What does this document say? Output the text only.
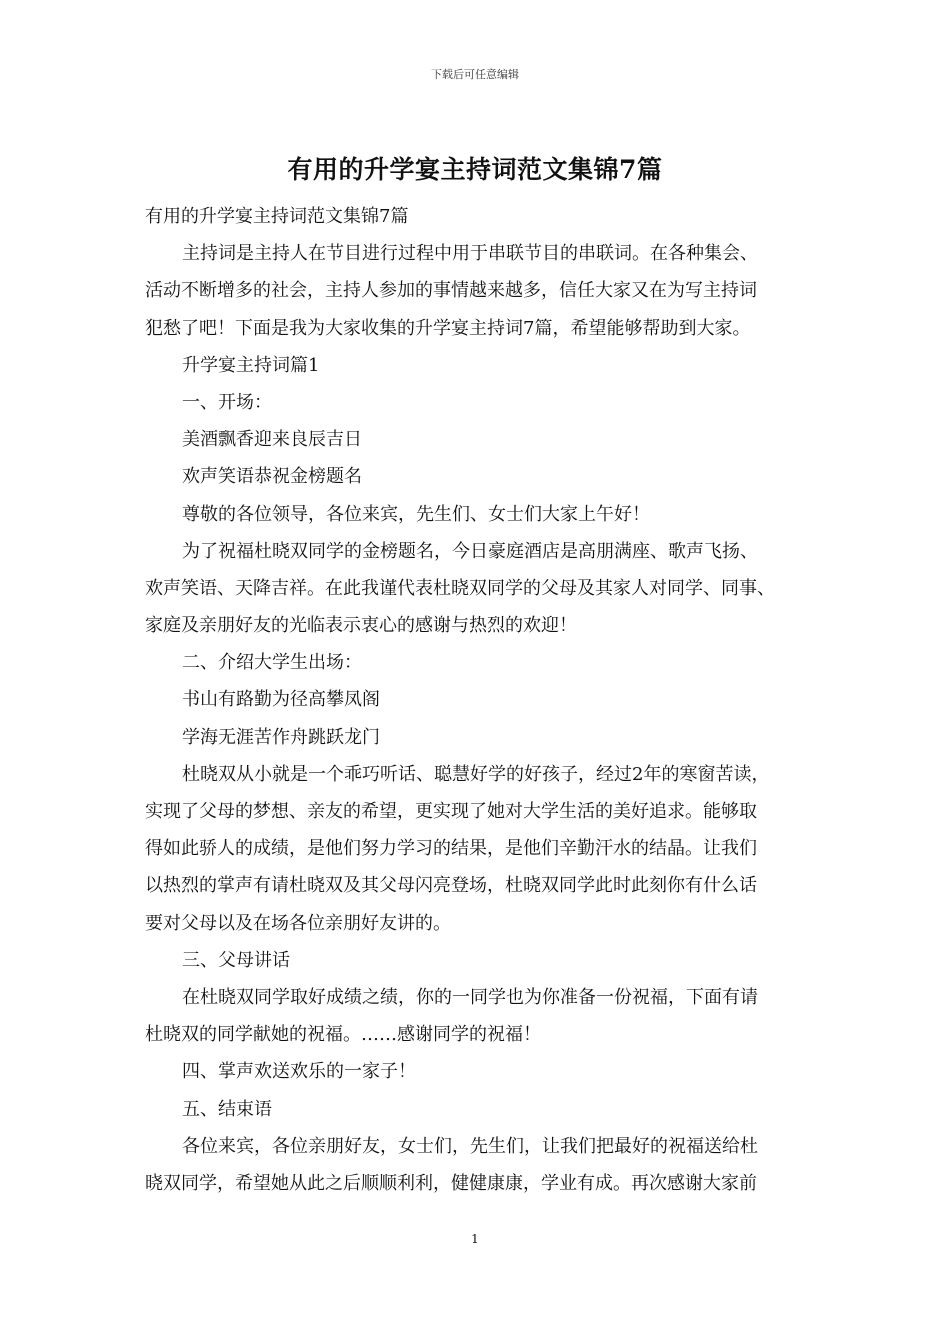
下载后可任意编辑
有用的升学宴主持词范文集锦7篇
有用的升学宴主持词范文集锦7篇
主持词是主持人在节目进行过程中用于串联节目的串联词。在各种集会、
活动不断增多的社会，主持人参加的事情越来越多，信任大家又在为写主持词
犯愁了吧！下面是我为大家收集的升学宴主持词7篇，希望能够帮助到大家。
升学宴主持词篇1
一、开场：
美酒飘香迎来良辰吉日
欢声笑语恭祝金榜题名
尊敬的各位领导，各位来宾，先生们、女士们大家上午好！
为了祝福杜晓双同学的金榜题名，今日豪庭酒店是高朋满座、歌声飞扬、
欢声笑语、天降吉祥。在此我谨代表杜晓双同学的父母及其家人对同学、同事、
家庭及亲朋好友的光临表示衷心的感谢与热烈的欢迎！
二、介绍大学生出场：
书山有路勤为径高攀凤阁
学海无涯苦作舟跳跃龙门
杜晓双从小就是一个乖巧听话、聪慧好学的好孩子，经过2年的寒窗苦读，
实现了父母的梦想、亲友的希望，更实现了她对大学生活的美好追求。能够取
得如此骄人的成绩，是他们努力学习的结果，是他们辛勤汗水的结晶。让我们
以热烈的掌声有请杜晓双及其父母闪亮登场，杜晓双同学此时此刻你有什么话
要对父母以及在场各位亲朋好友讲的。
三、父母讲话
在杜晓双同学取好成绩之绩，你的一同学也为你准备一份祝福，下面有请
杜晓双的同学献她的祝福。……感谢同学的祝福！
四、掌声欢送欢乐的一家子！
五、结束语
各位来宾，各位亲朋好友，女士们，先生们，让我们把最好的祝福送给杜
晓双同学，希望她从此之后顺顺利利，健健康康，学业有成。再次感谢大家前
1
